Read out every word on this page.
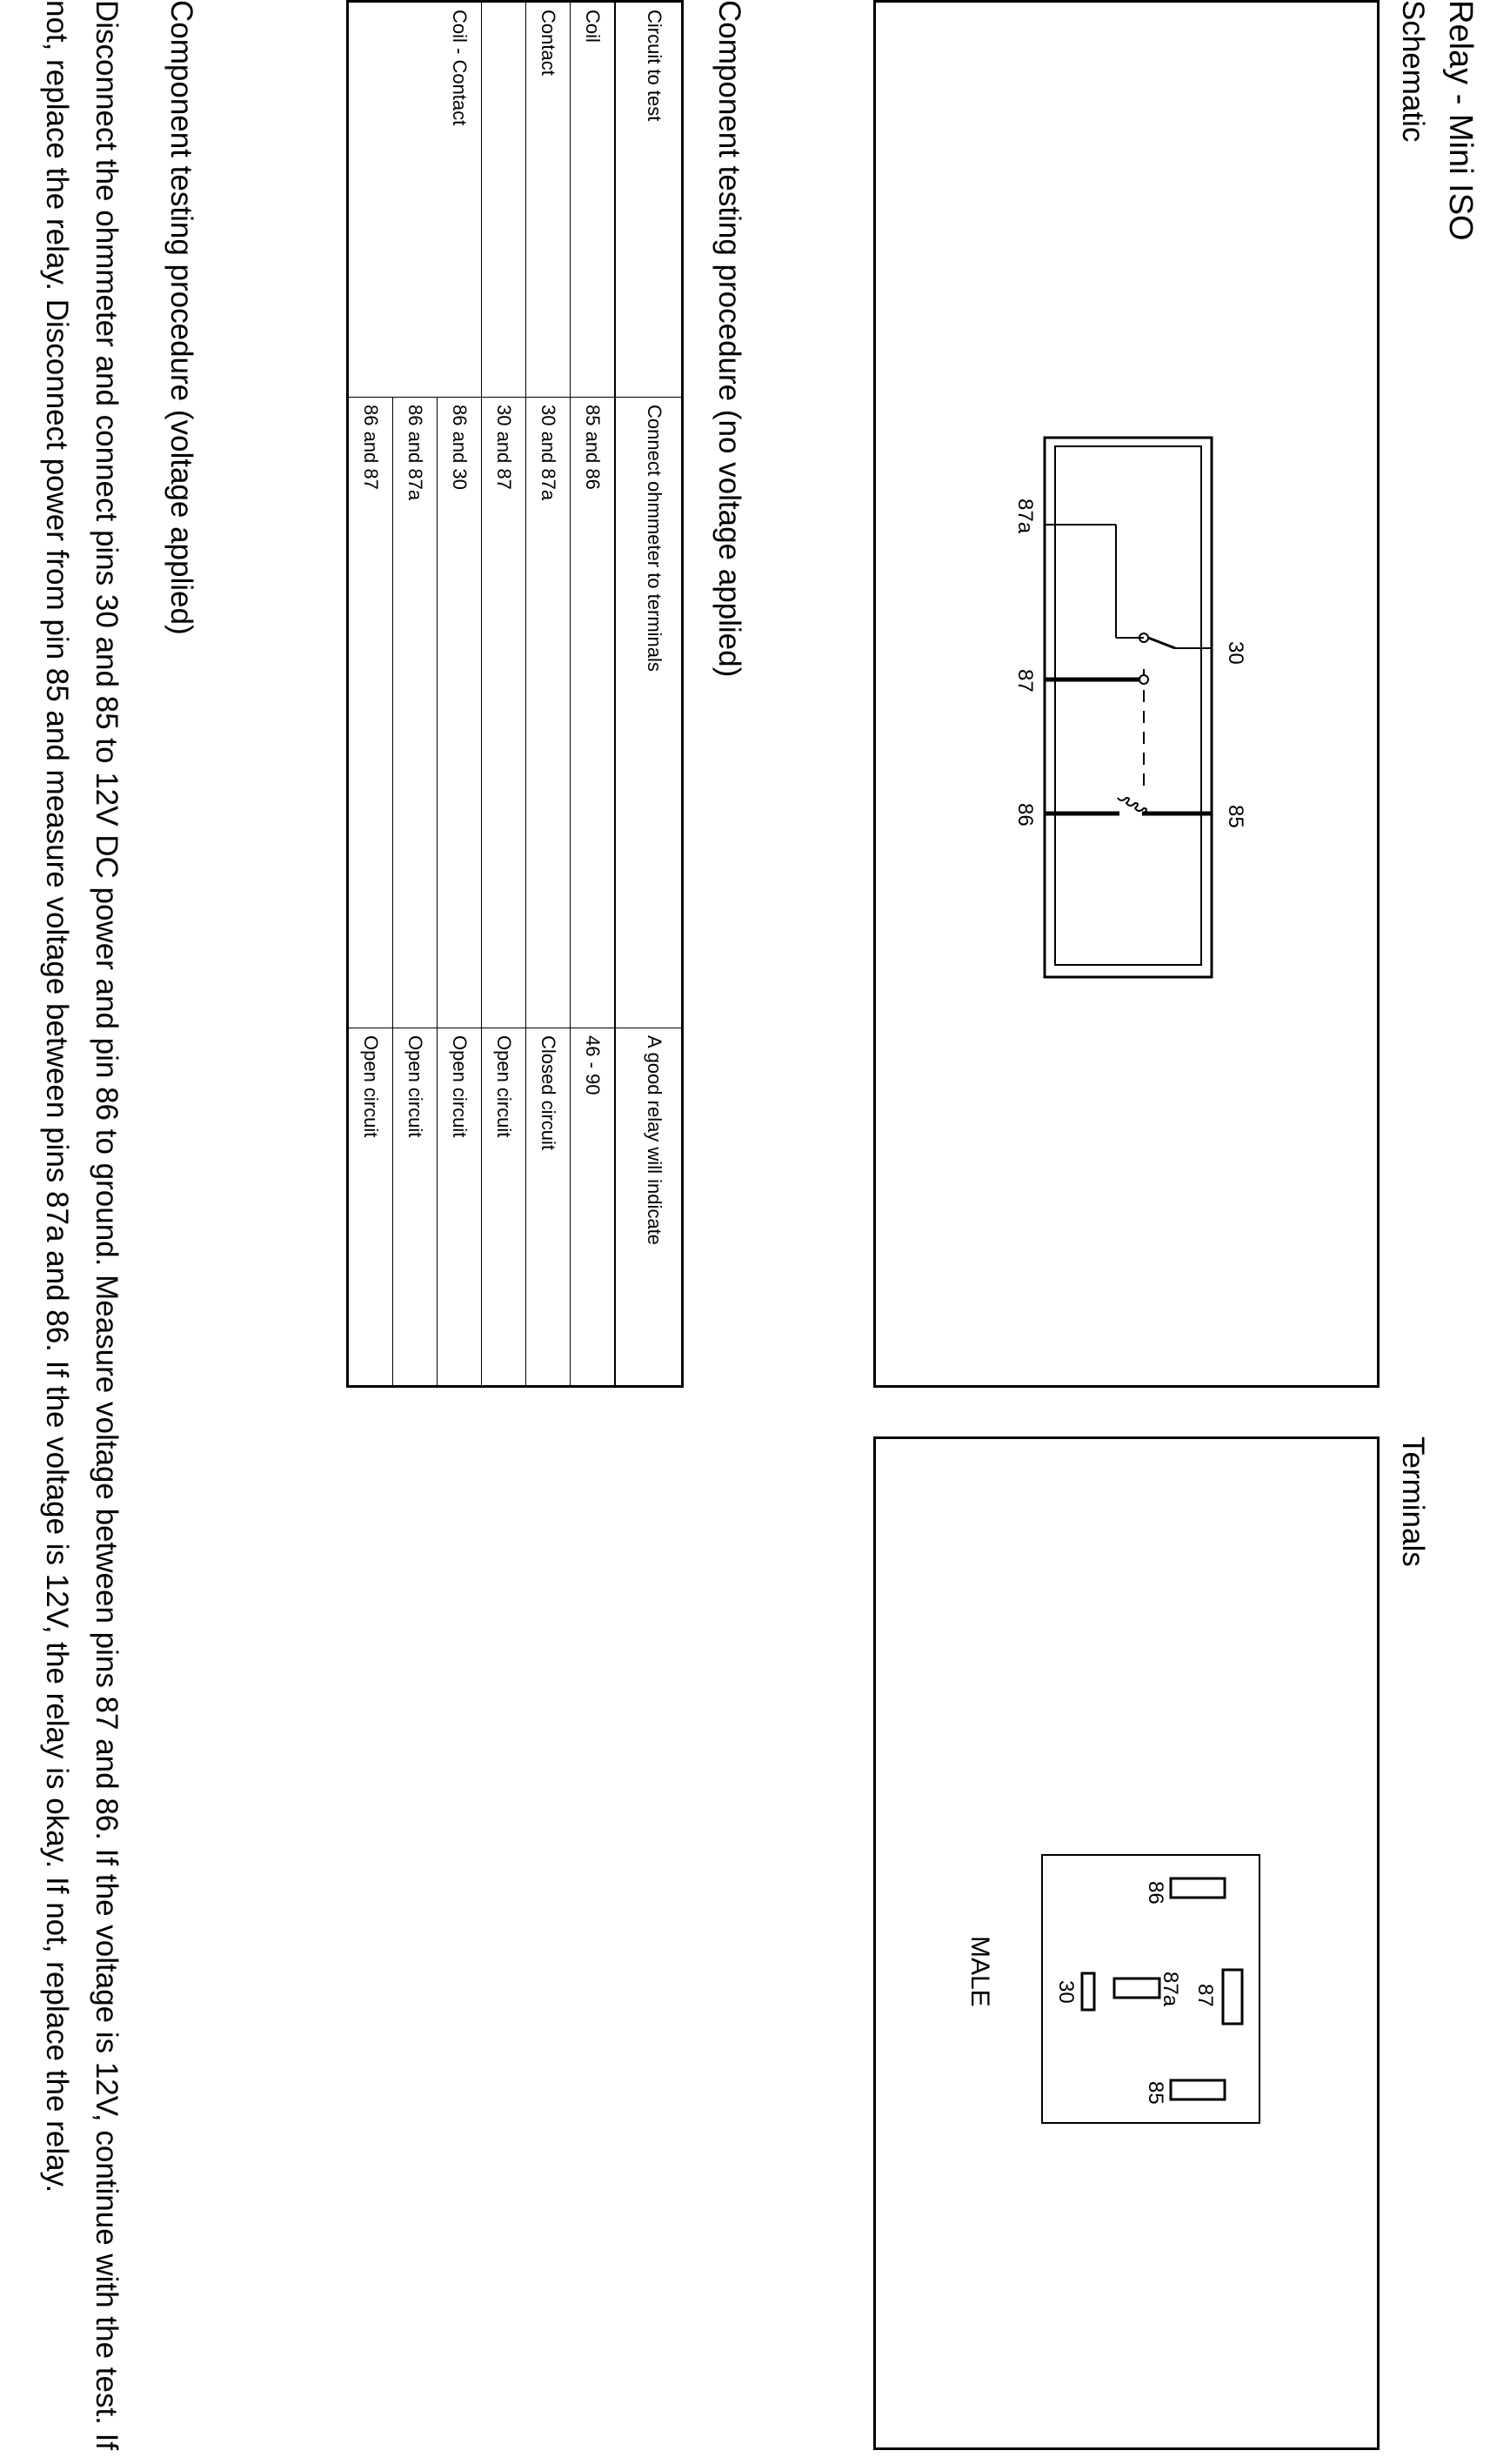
Relay - Mini ISO
Schematic
30
85
87a
87
86
Terminals
86
87
87a
30
85
MALE
Component testing procedure (no voltage applied)
Circuit to test	Connect ohmmeter to terminals	A good relay will indicate
Coil	85 and 86	46 - 90
Contact	30 and 87a	Closed circuit
	30 and 87	Open circuit
Coil - Contact	86 and 30	Open circuit
	86 and 87a	Open circuit
	86 and 87	Open circuit
Component testing procedure (voltage applied)
Disconnect the ohmmeter and connect pins 30 and 85 to 12V DC power and pin 86 to ground. Measure voltage between pins 87 and 86. If the voltage is 12V, continue with the test. If not, replace the relay. Disconnect power from pin 85 and measure voltage between pins 87a and 86. If the voltage is 12V, the relay is okay. If not, replace the relay.
